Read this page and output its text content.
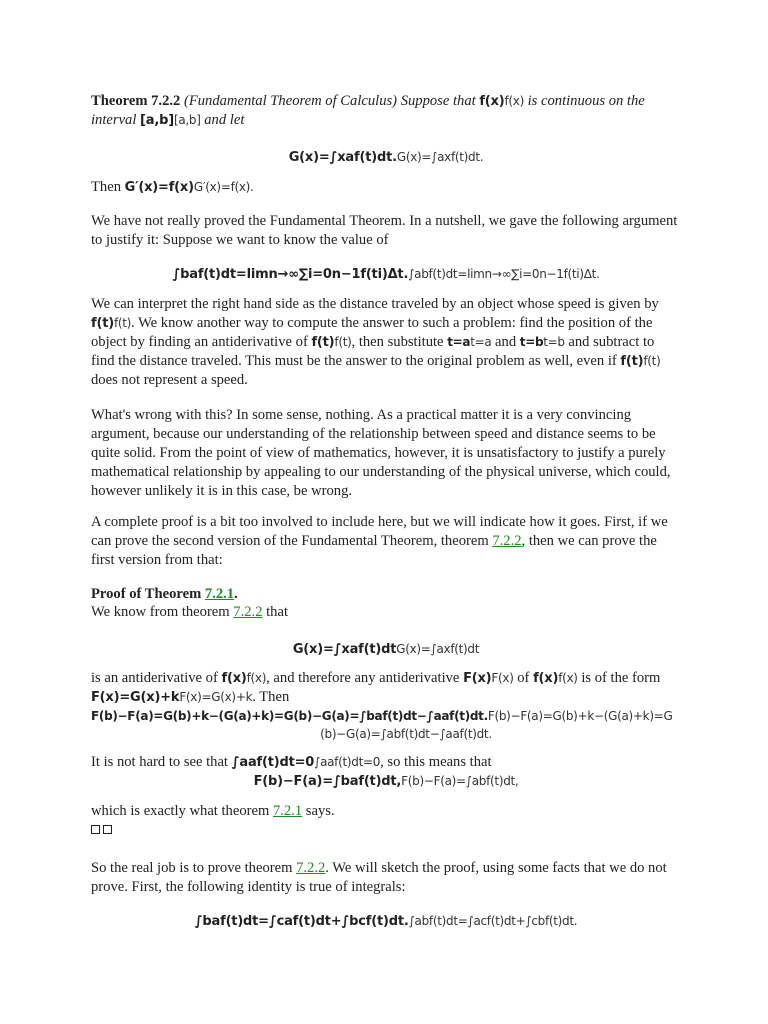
Theorem 7.2.2 (Fundamental Theorem of Calculus) Suppose that f(x)f(x) is continuous on the interval [a,b][a,b] and let

G(x)=∫xaf(t)dt.G(x)=∫axf(t)dt.

Then G′(x)=f(x)G′(x)=f(x).

We have not really proved the Fundamental Theorem. In a nutshell, we gave the following argument to justify it: Suppose we want to know the value of

∫baf(t)dt=limn→∞∑i=0n−1f(ti)Δt.∫abf(t)dt=limn→∞∑i=0n−1f(ti)Δt.

We can interpret the right hand side as the distance traveled by an object whose speed is given by f(t)f(t). We know another way to compute the answer to such a problem: find the position of the object by finding an antiderivative of f(t)f(t), then substitute t=at=a and t=bt=b and subtract to find the distance traveled. This must be the answer to the original problem as well, even if f(t)f(t) does not represent a speed.

What's wrong with this? In some sense, nothing. As a practical matter it is a very convincing argument, because our understanding of the relationship between speed and distance seems to be quite solid. From the point of view of mathematics, however, it is unsatisfactory to justify a purely mathematical relationship by appealing to our understanding of the physical universe, which could, however unlikely it is in this case, be wrong.

A complete proof is a bit too involved to include here, but we will indicate how it goes. First, if we can prove the second version of the Fundamental Theorem, theorem 7.2.2, then we can prove the first version from that:

Proof of Theorem 7.2.1.

We know from theorem 7.2.2 that

G(x)=∫xaf(t)dtG(x)=∫axf(t)dt

is an antiderivative of f(x)f(x), and therefore any antiderivative F(x)F(x) of f(x)f(x) is of the form F(x)=G(x)+kF(x)=G(x)+k. Then

F(b)−F(a)=G(b)+k−(G(a)+k)=G(b)−G(a)=∫baf(t)dt−∫aaf(t)dt.F(b)−F(a)=G(b)+k−(G(a)+k)=G

(b)−G(a)=∫abf(t)dt−∫aaf(t)dt.

It is not hard to see that ∫aaf(t)dt=0∫aaf(t)dt=0, so this means that

F(b)−F(a)=∫baf(t)dt,F(b)−F(a)=∫abf(t)dt,

which is exactly what theorem 7.2.1 says.

So the real job is to prove theorem 7.2.2. We will sketch the proof, using some facts that we do not prove. First, the following identity is true of integrals:

∫baf(t)dt=∫caf(t)dt+∫bcf(t)dt.∫abf(t)dt=∫acf(t)dt+∫cbf(t)dt.
